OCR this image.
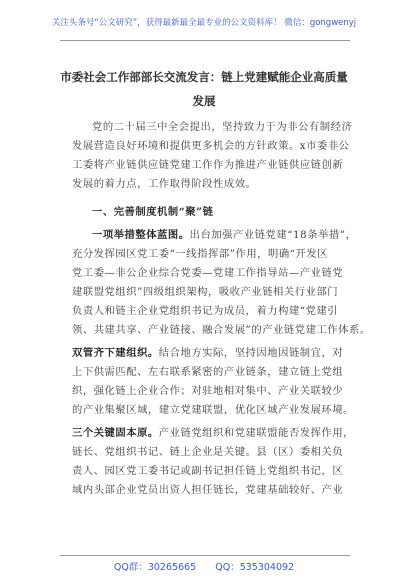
关注头条号“公文研究”，获得最新最全最专业的公文资料库！ 微信：gongwenyj
市委社会工作部部长交流发言：链上党建赋能企业高质量
发展
党的二十届三中全会提出，坚持致力于为非公有制经济
发展营造良好环境和提供更多机会的方针政策。x市委非公
工委将产业链供应链党建工作作为推进产业链供应链创新
发展的着力点，工作取得阶段性成效。
一、完善制度机制“聚”链
一项举措整体蓝图。出台加强产业链党建“18条举措”，
充分发挥园区党工委“一线指挥部”作用，明确“开发区
党工委—非公企业综合党委—党建工作指导站—产业链党
建联盟党组织”四级组织架构，吸收产业链相关行业部门
负责人和链主企业党组织书记为成员，着力构建“党建引
领、共建共享、产业链接、融合发展”的产业链党建工作体系。
双管齐下建组织。结合地方实际，坚持因地因链制宜，对
上下供需匹配、左右联系紧密的产业链条，建立链上党组
织，强化链上企业合作；对驻地相对集中、产业关联较少
的产业集聚区域，建立党建联盟，优化区域产业发展环境。
三个关键固本原。产业链党组织和党建联盟能否发挥作用，
链长、党组织书记、链上企业是关键。县（区）委相关负
责人、园区党工委书记或副书记担任链上党组织书记，区
域内头部企业党员出资人担任链长，党建基础较好、产业
QQ群：30265665 QQ：535304092
